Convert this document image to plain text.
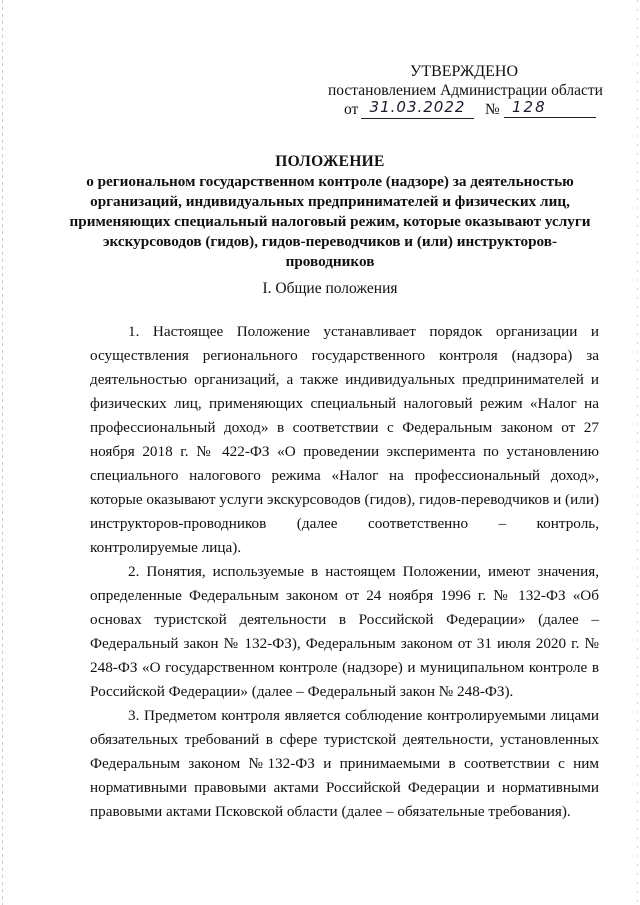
УТВЕРЖДЕНО
постановлением Администрации области
от 31.03.2022	№ 128
ПОЛОЖЕНИЕ
о региональном государственном контроле (надзоре) за деятельностью организаций, индивидуальных предпринимателей и физических лиц, применяющих специальный налоговый режим, которые оказывают услуги экскурсоводов (гидов), гидов-переводчиков и (или) инструкторов-проводников
I. Общие положения

1. Настоящее Положение устанавливает порядок организации и осуществления регионального государственного контроля (надзора) за деятельностью организаций, а также индивидуальных предпринимателей и физических лиц, применяющих специальный налоговый режим «Налог на профессиональный доход» в соответствии с Федеральным законом от 27 ноября 2018 г. № 422-ФЗ «О проведении эксперимента по установлению специального налогового режима «Налог на профессиональный доход», которые оказывают услуги экскурсоводов (гидов), гидов-переводчиков и (или) инструкторов-проводников (далее соответственно – контроль, контролируемые лица).

2. Понятия, используемые в настоящем Положении, имеют значения, определенные Федеральным законом от 24 ноября 1996 г. № 132-ФЗ «Об основах туристской деятельности в Российской Федерации» (далее – Федеральный закон № 132-ФЗ), Федеральным законом от 31 июля 2020 г. № 248-ФЗ «О государственном контроле (надзоре) и муниципальном контроле в Российской Федерации» (далее – Федеральный закон № 248-ФЗ).

3. Предметом контроля является соблюдение контролируемыми лицами обязательных требований в сфере туристской деятельности, установленных Федеральным законом №132-ФЗ и принимаемыми в соответствии с ним нормативными правовыми актами Российской Федерации и нормативными правовыми актами Псковской области (далее – обязательные требования).
